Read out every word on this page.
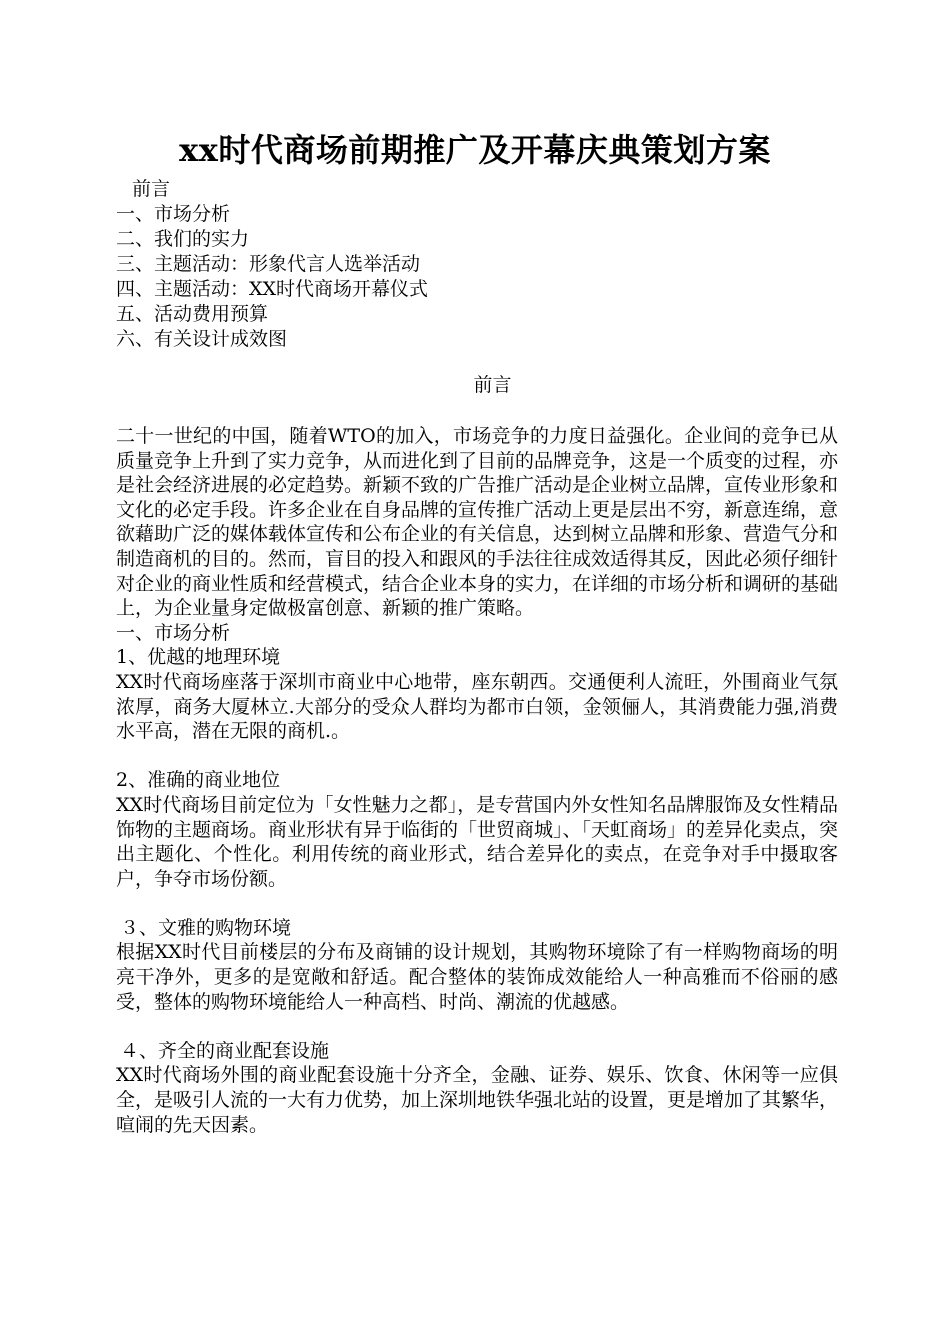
xx时代商场前期推广及开幕庆典策划方案
前言
一、市场分析
二、我们的实力
三、主题活动：形象代言人选举活动
四、主题活动：XX时代商场开幕仪式
五、活动费用预算
六、有关设计成效图
前言

二十一世纪的中国，随着WTO的加入，市场竞争的力度日益强化。企业间的竞争已从质量竞争上升到了实力竞争，从而进化到了目前的品牌竞争，这是一个质变的过程，亦是社会经济进展的必定趋势。新颖不致的广告推广活动是企业树立品牌，宣传业形象和文化的必定手段。许多企业在自身品牌的宣传推广活动上更是层出不穷，新意连绵，意欲藉助广泛的媒体载体宣传和公布企业的有关信息，达到树立品牌和形象、营造气分和制造商机的目的。然而，盲目的投入和跟风的手法往往成效适得其反，因此必须仔细针对企业的商业性质和经营模式，结合企业本身的实力，在详细的市场分析和调研的基础上，为企业量身定做极富创意、新颖的推广策略。

一、市场分析
1、优越的地理环境

XX时代商场座落于深圳市商业中心地带，座东朝西。交通便利人流旺，外围商业气氛浓厚，商务大厦林立.大部分的受众人群均为都市白领，金领俪人，其消费能力强,消费水平高，潜在无限的商机.。

2、准确的商业地位

XX时代商场目前定位为「女性魅力之都」，是专营国内外女性知名品牌服饰及女性精品饰物的主题商场。商业形状有异于临街的「世贸商城」、「天虹商场」的差异化卖点，突出主题化、个性化。利用传统的商业形式，结合差异化的卖点，在竞争对手中摄取客户，争夺市场份额。

３、文雅的购物环境

根据XX时代目前楼层的分布及商铺的设计规划，其购物环境除了有一样购物商场的明亮干净外，更多的是宽敞和舒适。配合整体的装饰成效能给人一种高雅而不俗丽的感受，整体的购物环境能给人一种高档、时尚、潮流的优越感。

４、齐全的商业配套设施

XX时代商场外围的商业配套设施十分齐全，金融、证券、娱乐、饮食、休闲等一应俱全，是吸引人流的一大有力优势，加上深圳地铁华强北站的设置，更是增加了其繁华，喧闹的先天因素。
